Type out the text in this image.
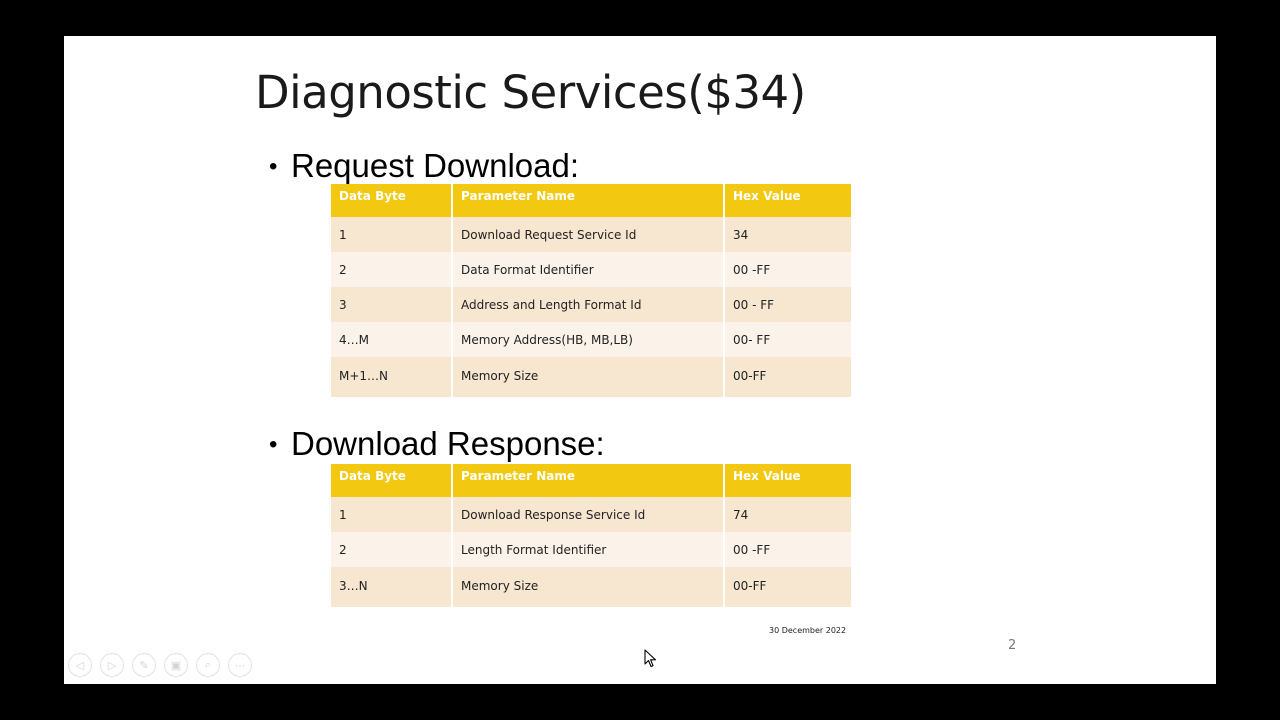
Diagnostic Services($34)
• Request Download:
Data Byte	Parameter Name	Hex Value
1	Download Request Service Id	34
2	Data Format Identifier	00 -FF
3	Address and Length Format Id	00 - FF
4…M	Memory Address(HB, MB,LB)	00- FF
M+1…N	Memory Size	00-FF
• Download Response:
Data Byte	Parameter Name	Hex Value
1	Download Response Service Id	74
2	Length Format Identifier	00 -FF
3…N	Memory Size	00-FF
30 December 2022
2
◁	▷	✎	▣	⌕	⋯
